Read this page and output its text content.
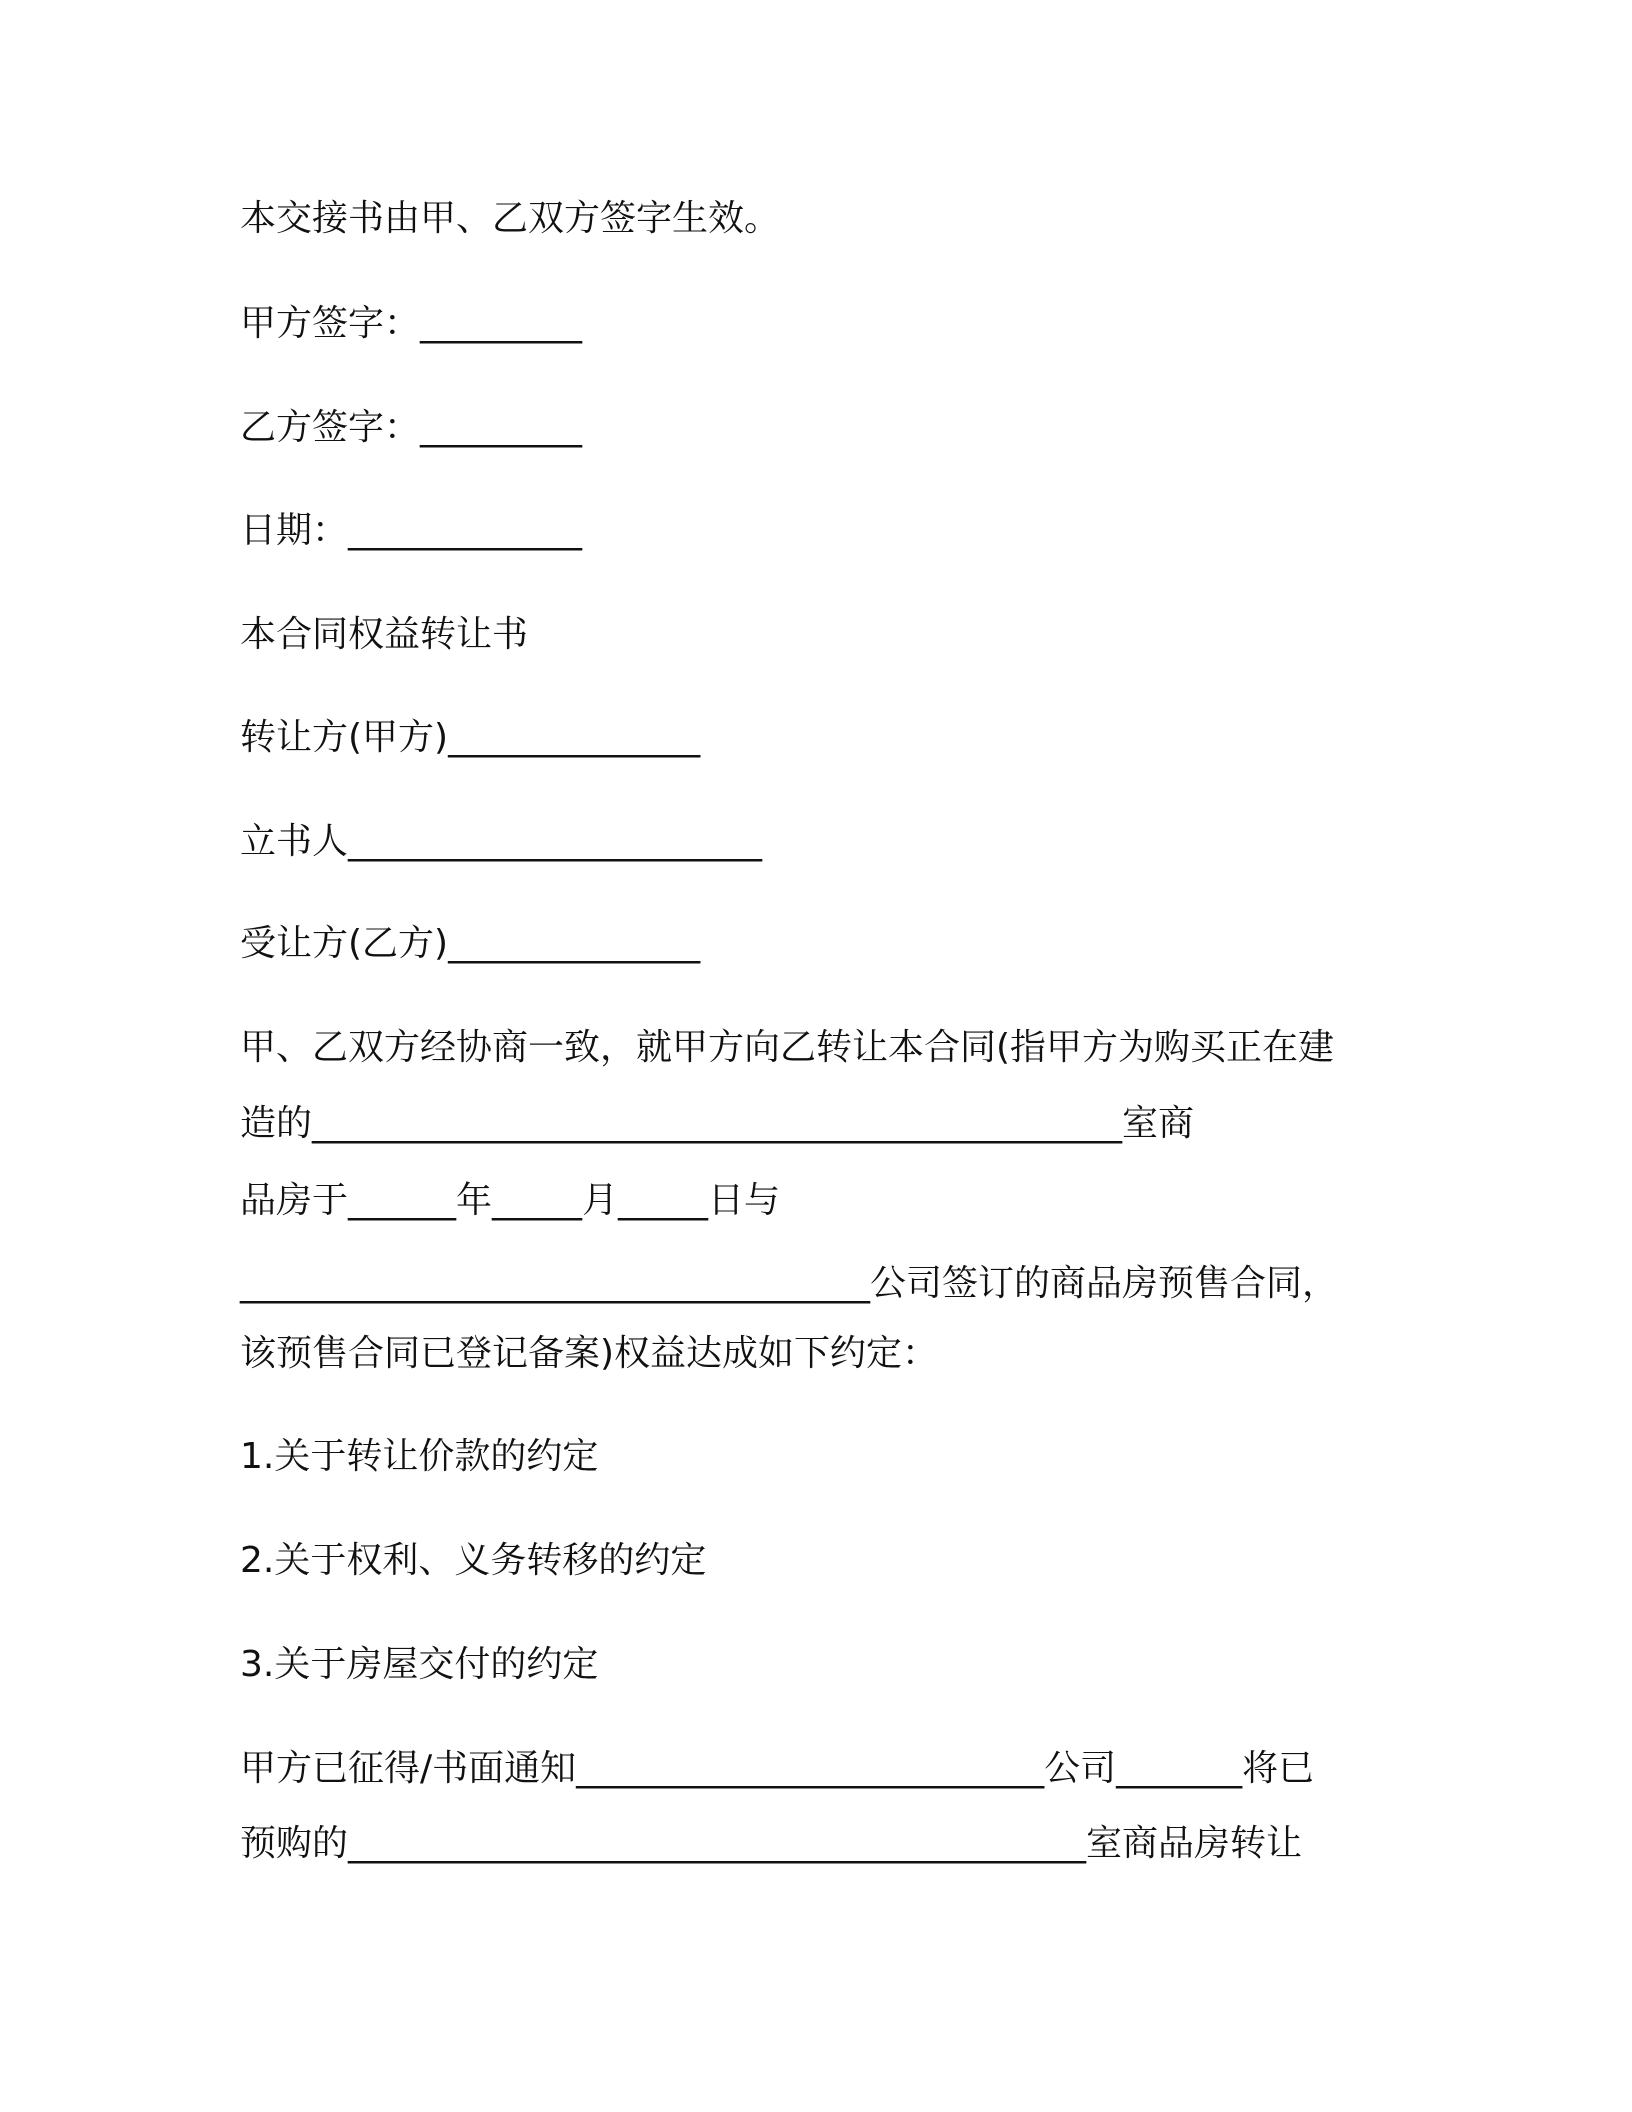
本交接书由甲、乙双方签字生效。

甲方签字：_________

乙方签字：_________

日期：_____________

本合同权益转让书

转让方(甲方)______________

立书人_______________________

受让方(乙方)______________

甲、乙双方经协商一致，就甲方向乙转让本合同(指甲方为购买正在建

造的_____________________________________________室商

品房于______年_____月_____日与

___________________________________公司签订的商品房预售合同，

该预售合同已登记备案)权益达成如下约定：

1.关于转让价款的约定

2.关于权利、义务转移的约定

3.关于房屋交付的约定

甲方已征得/书面通知__________________________公司_______将已

预购的_________________________________________室商品房转让
